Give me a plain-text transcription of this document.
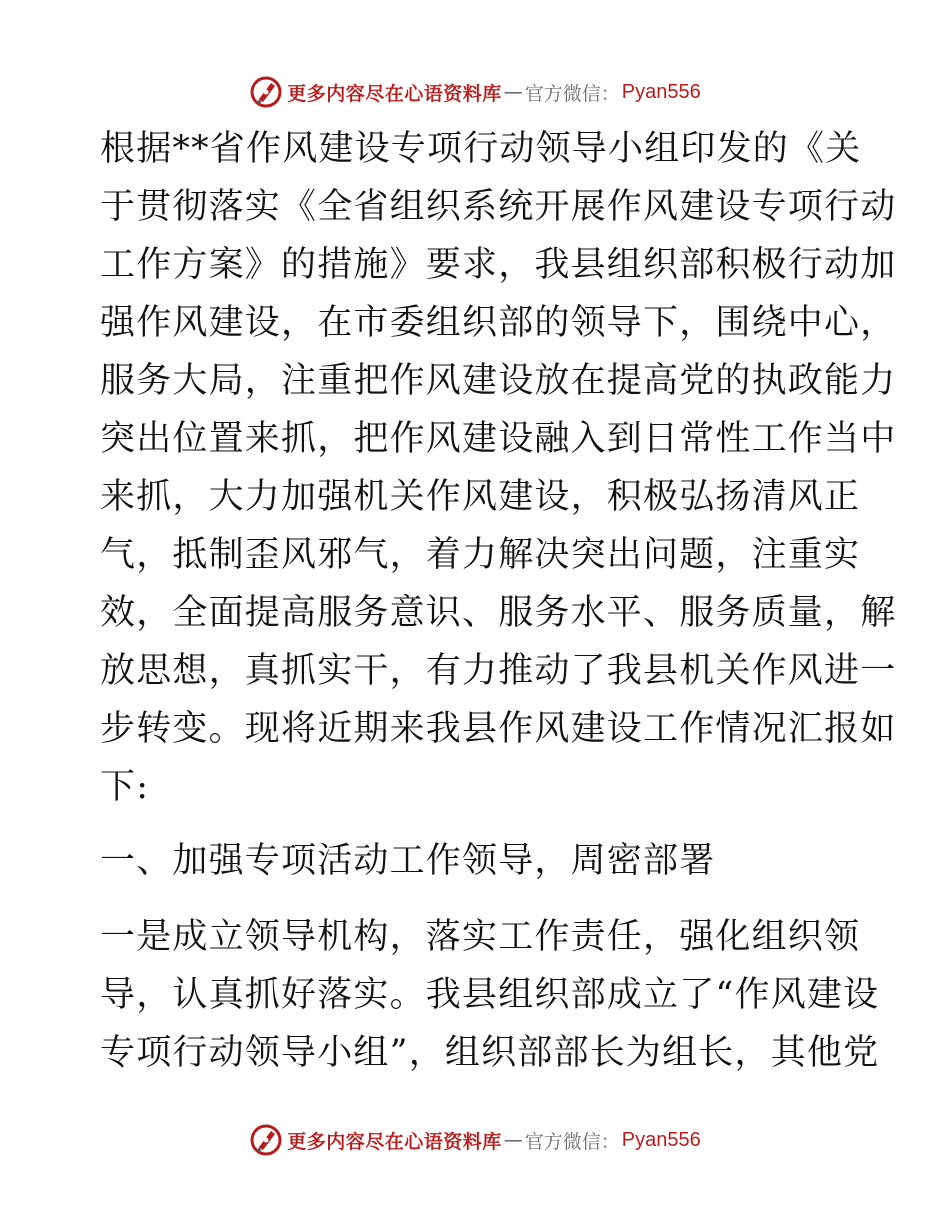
更多内容尽在心语资料库 — 官方微信： Pyan556

根据**省作风建设专项行动领导小组印发的《关

于贯彻落实《全省组织系统开展作风建设专项行动

工作方案》的措施》要求，我县组织部积极行动加

强作风建设，在市委组织部的领导下，围绕中心，

服务大局，注重把作风建设放在提高党的执政能力

突出位置来抓，把作风建设融入到日常性工作当中

来抓，大力加强机关作风建设，积极弘扬清风正

气，抵制歪风邪气，着力解决突出问题，注重实

效，全面提高服务意识、服务水平、服务质量，解

放思想，真抓实干，有力推动了我县机关作风进一

步转变。现将近期来我县作风建设工作情况汇报如

下:

一、加强专项活动工作领导，周密部署

一是成立领导机构，落实工作责任，强化组织领

导，认真抓好落实。我县组织部成立了“作风建设

专项行动领导小组”，组织部部长为组长，其他党

更多内容尽在心语资料库 — 官方微信： Pyan556
